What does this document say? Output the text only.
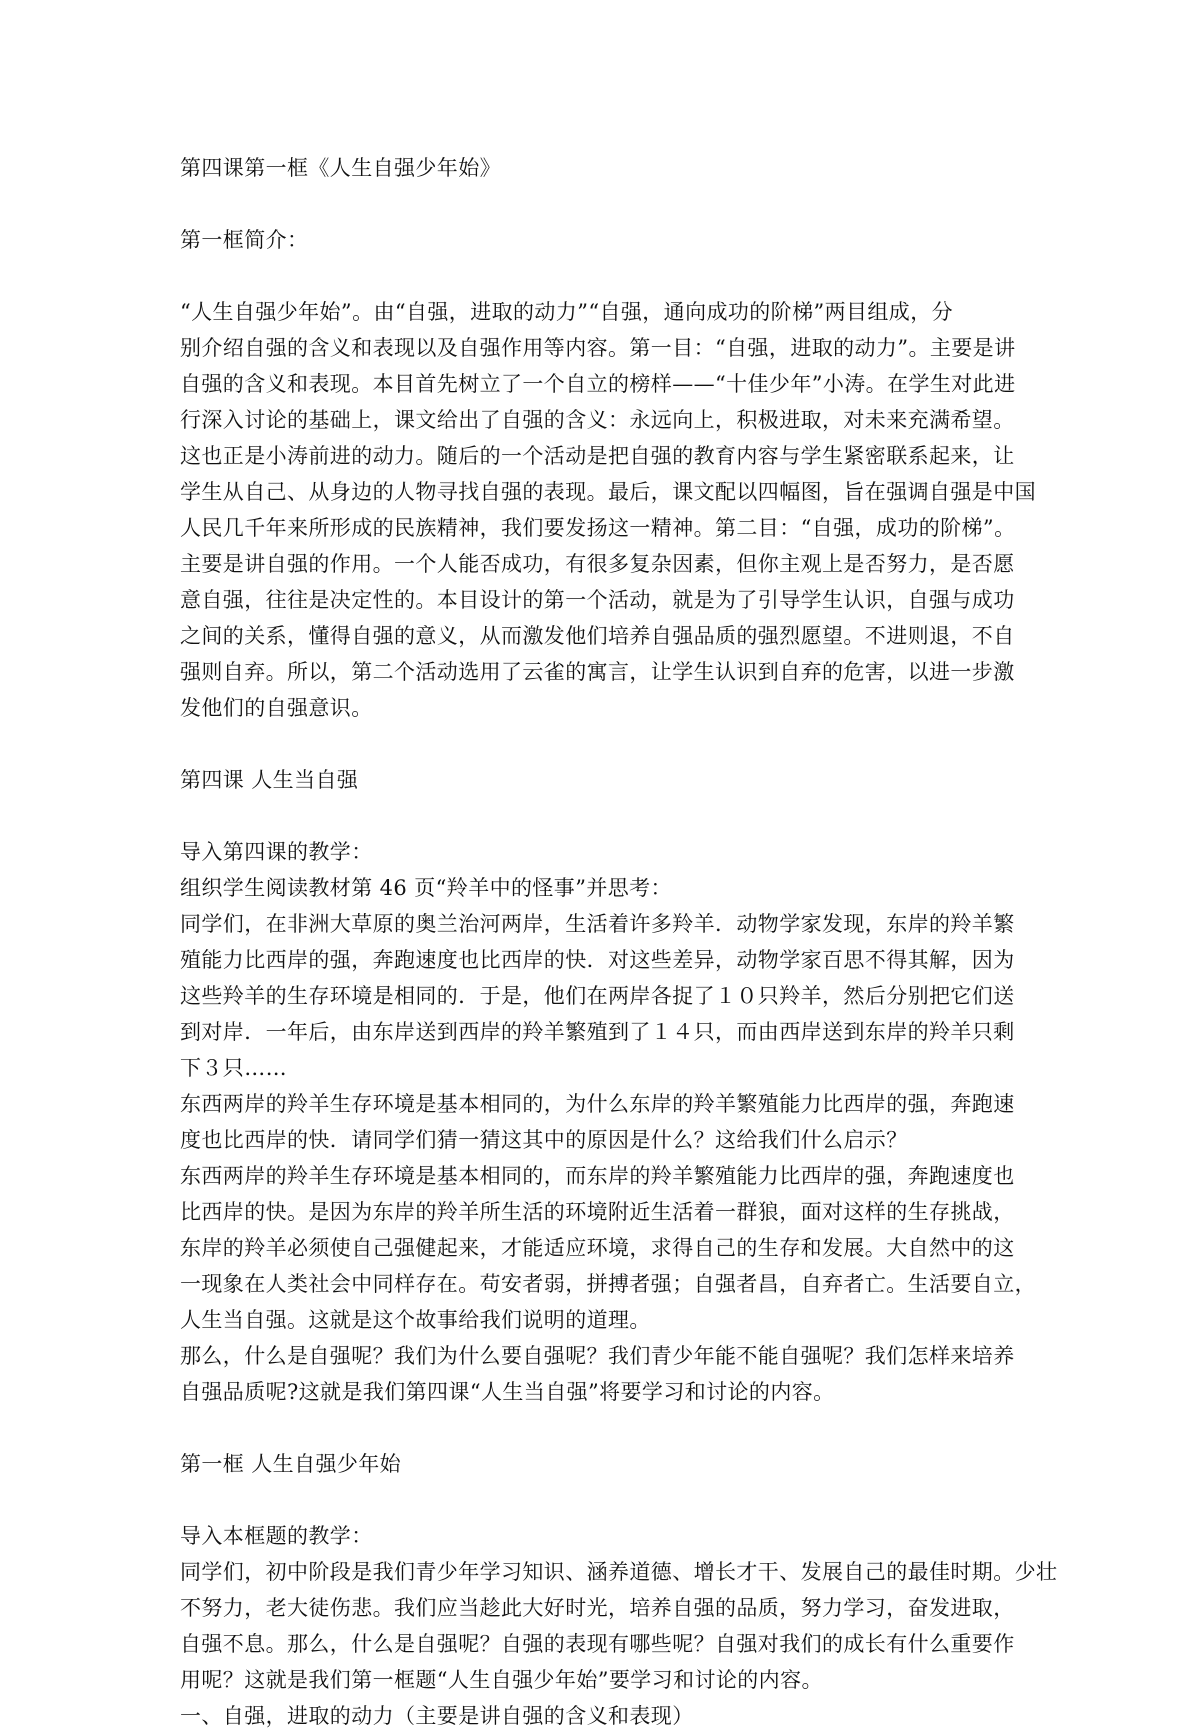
第四课第一框《人生自强少年始》
第一框简介：
“人生自强少年始”。由“自强，进取的动力”“自强，通向成功的阶梯”两目组成，分
别介绍自强的含义和表现以及自强作用等内容。第一目：“自强，进取的动力”。主要是讲
自强的含义和表现。本目首先树立了一个自立的榜样——“十佳少年”小涛。在学生对此进
行深入讨论的基础上，课文给出了自强的含义：永远向上，积极进取，对未来充满希望。
这也正是小涛前进的动力。随后的一个活动是把自强的教育内容与学生紧密联系起来，让
学生从自己、从身边的人物寻找自强的表现。最后，课文配以四幅图，旨在强调自强是中国
人民几千年来所形成的民族精神，我们要发扬这一精神。第二目：“自强，成功的阶梯”。
主要是讲自强的作用。一个人能否成功，有很多复杂因素，但你主观上是否努力，是否愿
意自强，往往是决定性的。本目设计的第一个活动，就是为了引导学生认识，自强与成功
之间的关系，懂得自强的意义，从而激发他们培养自强品质的强烈愿望。不进则退，不自
强则自弃。所以，第二个活动选用了云雀的寓言，让学生认识到自弃的危害，以进一步激
发他们的自强意识。
第四课 人生当自强
导入第四课的教学：
组织学生阅读教材第 46 页“羚羊中的怪事”并思考：
同学们，在非洲大草原的奥兰治河两岸，生活着许多羚羊．动物学家发现，东岸的羚羊繁
殖能力比西岸的强，奔跑速度也比西岸的快．对这些差异，动物学家百思不得其解，因为
这些羚羊的生存环境是相同的．于是，他们在两岸各捉了１０只羚羊，然后分别把它们送
到对岸．一年后，由东岸送到西岸的羚羊繁殖到了１４只，而由西岸送到东岸的羚羊只剩
下３只……
东西两岸的羚羊生存环境是基本相同的，为什么东岸的羚羊繁殖能力比西岸的强，奔跑速
度也比西岸的快．请同学们猜一猜这其中的原因是什么？这给我们什么启示？
东西两岸的羚羊生存环境是基本相同的，而东岸的羚羊繁殖能力比西岸的强，奔跑速度也
比西岸的快。是因为东岸的羚羊所生活的环境附近生活着一群狼，面对这样的生存挑战，
东岸的羚羊必须使自己强健起来，才能适应环境，求得自己的生存和发展。大自然中的这
一现象在人类社会中同样存在。苟安者弱，拼搏者强；自强者昌，自弃者亡。生活要自立，
人生当自强。这就是这个故事给我们说明的道理。
那么，什么是自强呢？我们为什么要自强呢？我们青少年能不能自强呢？我们怎样来培养
自强品质呢?这就是我们第四课“人生当自强”将要学习和讨论的内容。
第一框 人生自强少年始
导入本框题的教学：
同学们，初中阶段是我们青少年学习知识、涵养道德、增长才干、发展自己的最佳时期。少壮
不努力，老大徒伤悲。我们应当趁此大好时光，培养自强的品质，努力学习，奋发进取，
自强不息。那么，什么是自强呢？自强的表现有哪些呢？自强对我们的成长有什么重要作
用呢？这就是我们第一框题“人生自强少年始”要学习和讨论的内容。
一、自强，进取的动力（主要是讲自强的含义和表现）
